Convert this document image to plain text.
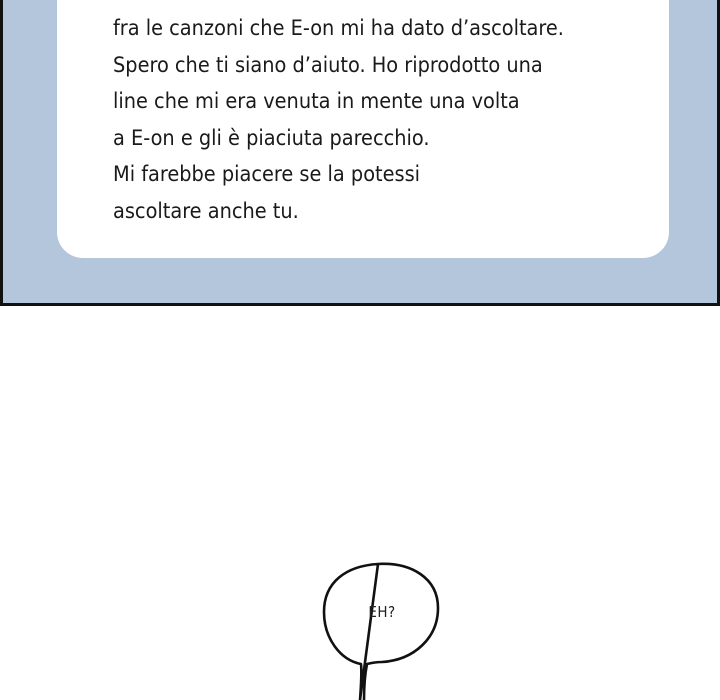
fra le canzoni che E-on mi ha dato d’ascoltare.
Spero che ti siano d’aiuto. Ho riprodotto una
line che mi era venuta in mente una volta
a E-on e gli è piaciuta parecchio.
Mi farebbe piacere se la potessi
ascoltare anche tu.
EH?
